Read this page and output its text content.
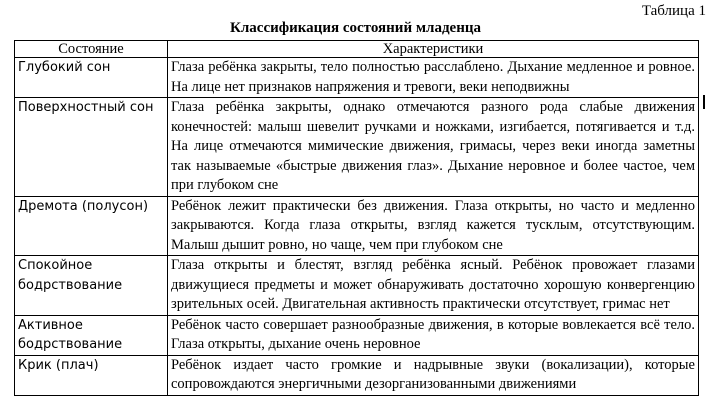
Таблица 1
Классификация состояний младенца
Состояние	Характеристики
Глубокий сон	Глаза ребёнка закрыты, тело полностью расслаблено. Дыхание медленное и ровное. На лице нет признаков напряжения и тревоги, веки неподвижны
Поверхностный сон	Глаза ребёнка закрыты, однако отмечаются разного рода слабые движения конечностей: малыш шевелит ручками и ножками, изгибается, потягивается и т.д. На лице отмечаются мимические движения, гримасы, через веки иногда заметны так называемые «быстрые движения глаз». Дыхание неровное и более частое, чем при глубоком сне
Дремота (полусон)	Ребёнок лежит практически без движения. Глаза открыты, но часто и медленно закрываются. Когда глаза открыты, взгляд кажется тусклым, отсутствующим. Малыш дышит ровно, но чаще, чем при глубоком сне
Спокойное бодрствование	Глаза открыты и блестят, взгляд ребёнка ясный. Ребёнок провожает глазами движущиеся предметы и может обнаруживать достаточно хорошую конвергенцию зрительных осей. Двигательная активность практически отсутствует, гримас нет
Активное бодрствование	Ребёнок часто совершает разнообразные движения, в которые вовлекается всё тело. Глаза открыты, дыхание очень неровное
Крик (плач)	Ребёнок издает часто громкие и надрывные звуки (вокализации), которые сопровождаются энергичными дезорганизованными движениями
